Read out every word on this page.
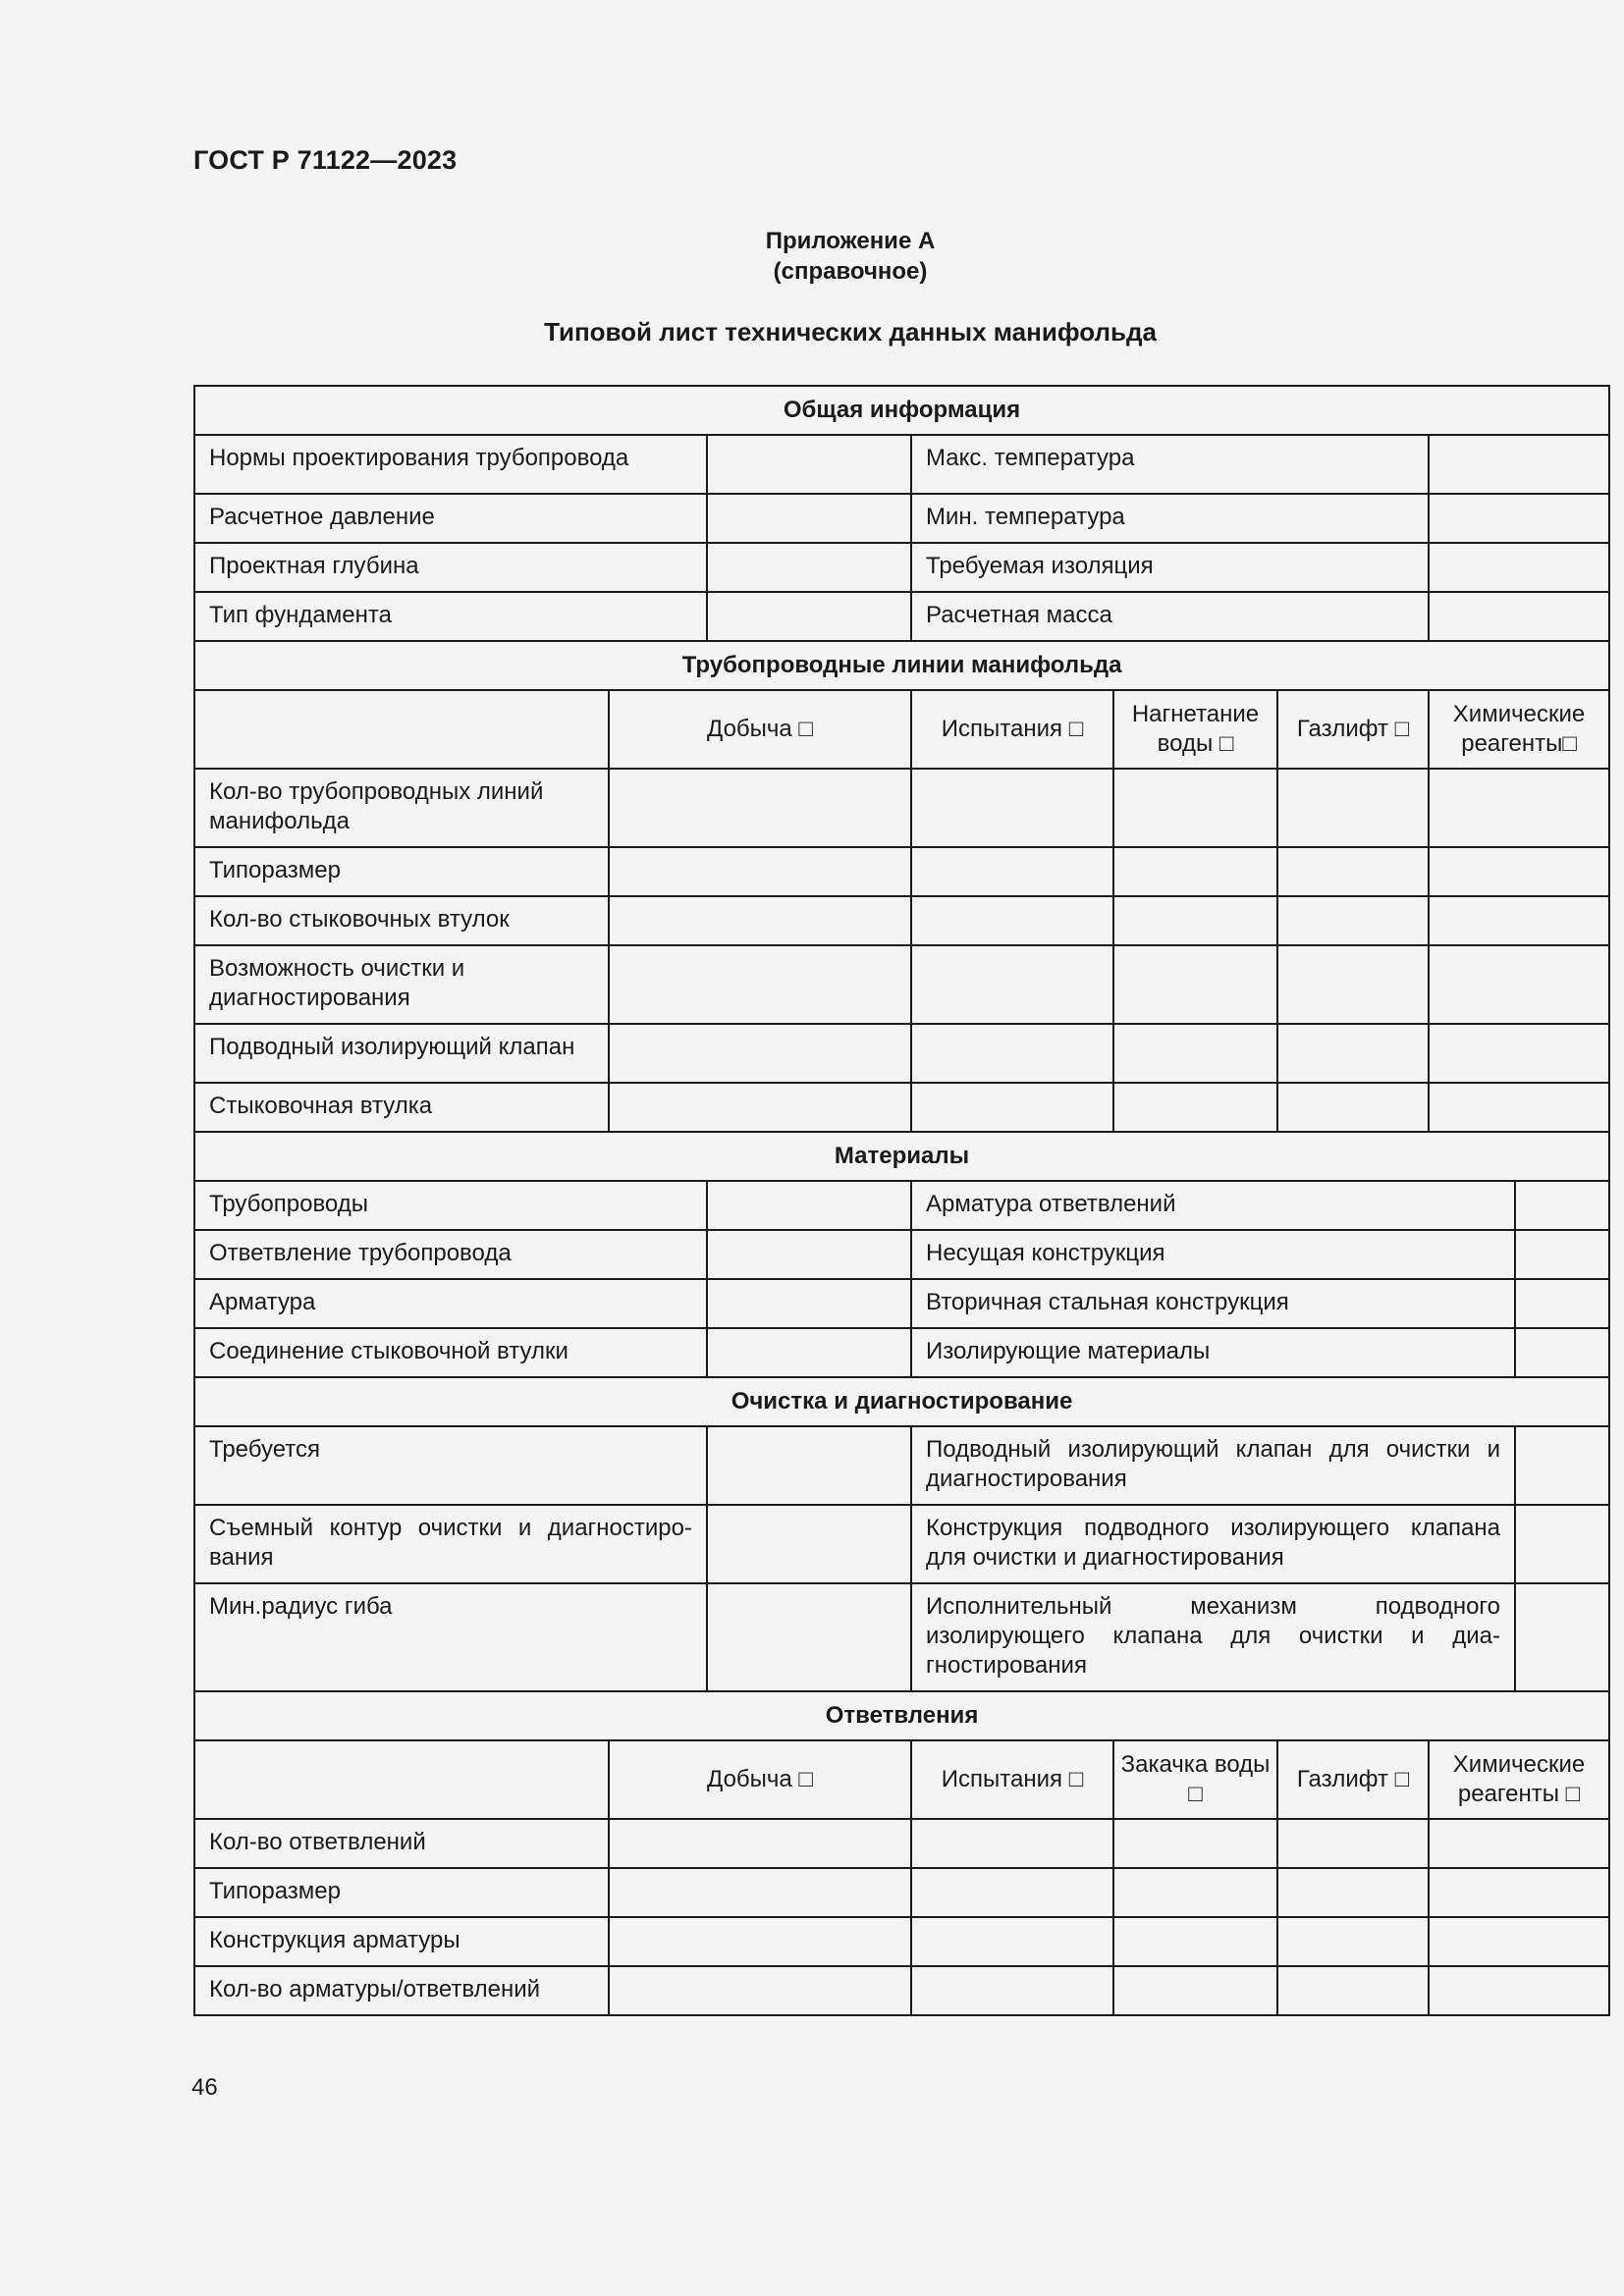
ГОСТ Р 71122—2023
Приложение А
(справочное)
Типовой лист технических данных манифольда
Общая информация							
Нормы проектирования трубопровода			Макс. температура				
Расчетное давление			Мин. температура				
Проектная глубина			Требуемая изоляция				
Тип фундамента			Расчетная масса				
Трубопроводные линии манифольда							
	Добыча □		Испытания □	Нагнетание воды □	Газлифт □	Химические реагенты□	
Кол-во трубопроводных линий манифольда							
Типоразмер							
Кол-во стыковочных втулок							
Возможность очистки и диагностирования							
Подводный изолирующий клапан							
Стыковочная втулка							
Материалы							
Трубопроводы			Арматура ответвлений				
Ответвление трубопровода			Несущая конструкция				
Арматура			Вторичная стальная конструкция				
Соединение стыковочной втулки			Изолирующие материалы				
Очистка и диагностирование							
Требуется			Подводный изолирующий клапан для очистки и диагностирования				
Съемный контур очистки и диагностиро-вания			Конструкция подводного изолирующего клапана для очистки и диагностирования				
Мин.радиус гиба			Исполнительный механизм подводного изолирующего клапана для очистки и диа-гностирования				
Ответвления							
	Добыча □		Испытания □	Закачка воды □	Газлифт □	Химические реагенты □	
Кол-во ответвлений							
Типоразмер							
Конструкция арматуры							
Кол-во арматуры/ответвлений							
46
